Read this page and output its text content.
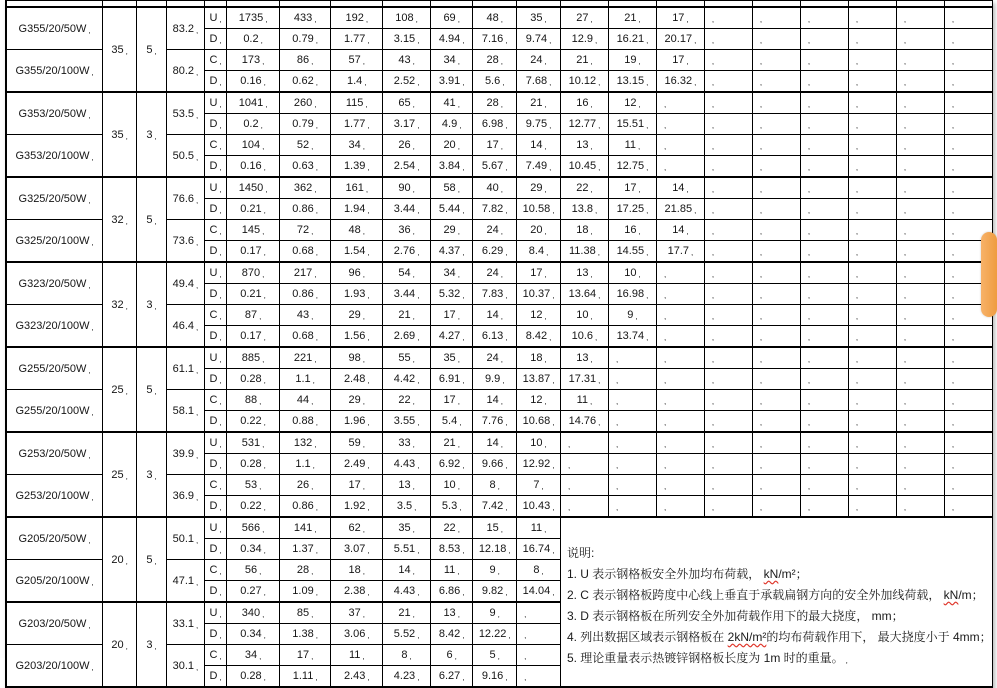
G355/20/50W ,	35 ,	5 ,	83.2 ,	U ,	1735 ,	433 ,	192 ,	108 ,	69 ,	48 ,	35 ,	27 ,	21 ,	17 ,	,	,	,	,	,	,
				D ,	0.2 ,	0.79 ,	1.77 ,	3.15 ,	4.94 ,	7.16 ,	9.74 ,	12.9 ,	16.21 ,	20.17 ,	,	,	,	,	,	,
G355/20/100W ,			80.2 ,	C ,	173 ,	86 ,	57 ,	43 ,	34 ,	28 ,	24 ,	21 ,	19 ,	17 ,	,	,	,	,	,	,
				D ,	0.16 ,	0.62 ,	1.4 ,	2.52 ,	3.91 ,	5.6 ,	7.68 ,	10.12 ,	13.15 ,	16.32 ,	,	,	,	,	,	,
G353/20/50W ,	35 ,	3 ,	53.5 ,	U ,	1041 ,	260 ,	115 ,	65 ,	41 ,	28 ,	21 ,	16 ,	12 ,	,	,	,	,	,	,	,
				D ,	0.2 ,	0.79 ,	1.77 ,	3.17 ,	4.9 ,	6.98 ,	9.75 ,	12.77 ,	15.51 ,	,	,	,	,	,	,	,
G353/20/100W ,			50.5 ,	C ,	104 ,	52 ,	34 ,	26 ,	20 ,	17 ,	14 ,	13 ,	11 ,	,	,	,	,	,	,	,
				D ,	0.16 ,	0.63 ,	1.39 ,	2.54 ,	3.84 ,	5.67 ,	7.49 ,	10.45 ,	12.75 ,	,	,	,	,	,	,	,
G325/20/50W ,	32 ,	5 ,	76.6 ,	U ,	1450 ,	362 ,	161 ,	90 ,	58 ,	40 ,	29 ,	22 ,	17 ,	14 ,	,	,	,	,	,	,
				D ,	0.21 ,	0.86 ,	1.94 ,	3.44 ,	5.44 ,	7.82 ,	10.58 ,	13.8 ,	17.25 ,	21.85 ,	,	,	,	,	,	,
G325/20/100W ,			73.6 ,	C ,	145 ,	72 ,	48 ,	36 ,	29 ,	24 ,	20 ,	18 ,	16 ,	14 ,	,	,	,	,	,	,
				D ,	0.17 ,	0.68 ,	1.54 ,	2.76 ,	4.37 ,	6.29 ,	8.4 ,	11.38 ,	14.55 ,	17.7 ,	,	,	,	,	,	,
G323/20/50W ,	32 ,	3 ,	49.4 ,	U ,	870 ,	217 ,	96 ,	54 ,	34 ,	24 ,	17 ,	13 ,	10 ,	,	,	,	,	,	,	,
				D ,	0.21 ,	0.86 ,	1.93 ,	3.44 ,	5.32 ,	7.83 ,	10.37 ,	13.64 ,	16.98 ,	,	,	,	,	,	,	,
G323/20/100W ,			46.4 ,	C ,	87 ,	43 ,	29 ,	21 ,	17 ,	14 ,	12 ,	10 ,	9 ,	,	,	,	,	,	,	,
				D ,	0.17 ,	0.68 ,	1.56 ,	2.69 ,	4.27 ,	6.13 ,	8.42 ,	10.6 ,	13.74 ,	,	,	,	,	,	,	,
G255/20/50W ,	25 ,	5 ,	61.1 ,	U ,	885 ,	221 ,	98 ,	55 ,	35 ,	24 ,	18 ,	13 ,	,	,	,	,	,	,	,	,
				D ,	0.28 ,	1.1 ,	2.48 ,	4.42 ,	6.91 ,	9.9 ,	13.87 ,	17.31 ,	,	,	,	,	,	,	,	,
G255/20/100W ,			58.1 ,	C ,	88 ,	44 ,	29 ,	22 ,	17 ,	14 ,	12 ,	11 ,	,	,	,	,	,	,	,	,
				D ,	0.22 ,	0.88 ,	1.96 ,	3.55 ,	5.4 ,	7.76 ,	10.68 ,	14.76 ,	,	,	,	,	,	,	,	,
G253/20/50W ,	25 ,	3 ,	39.9 ,	U ,	531 ,	132 ,	59 ,	33 ,	21 ,	14 ,	10 ,	,	,	,	,	,	,	,	,	,
				D ,	0.28 ,	1.1 ,	2.49 ,	4.43 ,	6.92 ,	9.66 ,	12.92 ,	,	,	,	,	,	,	,	,	,
G253/20/100W ,			36.9 ,	C ,	53 ,	26 ,	17 ,	13 ,	10 ,	8 ,	7 ,	,	,	,	,	,	,	,	,	,
				D ,	0.22 ,	0.86 ,	1.92 ,	3.5 ,	5.3 ,	7.42 ,	10.43 ,	,	,	,	,	,	,	,	,	,
G205/20/50W ,	20 ,	5 ,	50.1 ,	U ,	566 ,	141 ,	62 ,	35 ,	22 ,	15 ,	11 ,	
说明:
1. U 表示钢格板安全外加均布荷载， kN/m²；
2. C 表示钢格板跨度中心线上垂直于承载扁钢方向的安全外加线荷载， kN/m；
3. D 表示钢格板在所列安全外加荷载作用下的最大挠度， mm；
4. 列出数据区域表示钢格板在 2kN/m²的均布荷载作用下， 最大挠度小于 4mm；
5. 理论重量表示热镀锌钢格板长度为 1m 时的重量。 ,

				D ,	0.34 ,	1.37 ,	3.07 ,	5.51 ,	8.53 ,	12.18 ,	16.74 ,									
G205/20/100W ,			47.1 ,	C ,	56 ,	28 ,	18 ,	14 ,	11 ,	9 ,	8 ,									
				D ,	0.27 ,	1.09 ,	2.38 ,	4.43 ,	6.86 ,	9.82 ,	14.04 ,									
G203/20/50W ,	20 ,	3 ,	33.1 ,	U ,	340 ,	85 ,	37 ,	21 ,	13 ,	9 ,	,									
				D ,	0.34 ,	1.38 ,	3.06 ,	5.52 ,	8.42 ,	12.22 ,	,									
G203/20/100W ,			30.1 ,	C ,	34 ,	17 ,	11 ,	8 ,	6 ,	5 ,	,									
				D ,	0.28 ,	1.11 ,	2.43 ,	4.23 ,	6.27 ,	9.16 ,	,									
